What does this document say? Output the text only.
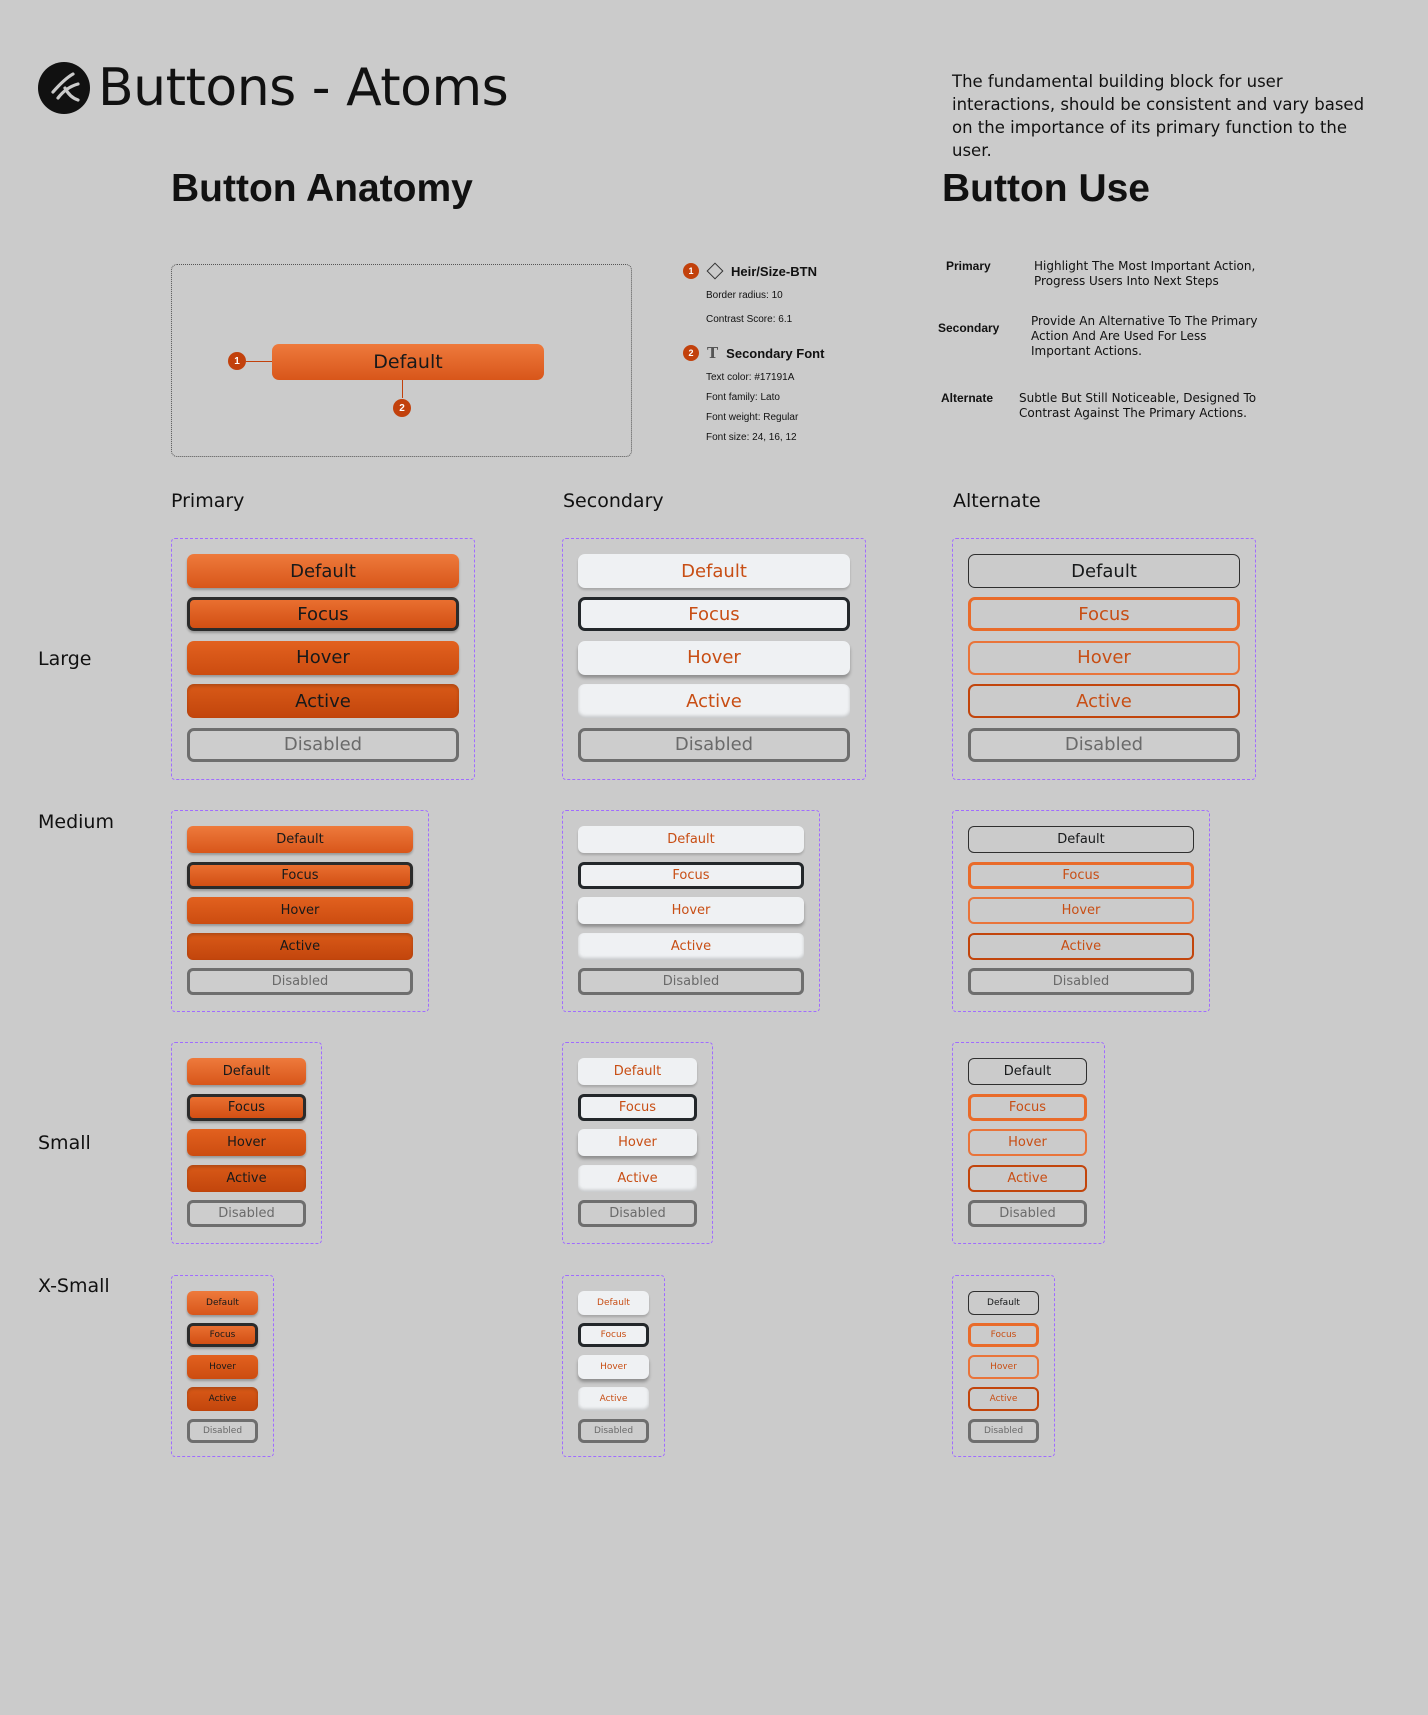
Buttons - Atoms	The fundamental building block for user interactions, should be consistent and vary based on the importance of its primary function to the user.
Button Anatomy	Button Use
1	Default
2
1	Heir/Size-BTN
Border radius: 10
Contrast Score: 6.1
2 T Secondary Font
Text color: #17191A
Font family: Lato
Font weight: Regular
Font size: 24, 16, 12
Primary	Highlight The Most Important Action, Progress Users Into Next Steps
Secondary	Provide An Alternative To The Primary Action And Are Used For Less Important Actions.
Alternate Subtle But Still Noticeable, Designed To Contrast Against The Primary Actions.
Primary	Secondary	Alternate
Large
Medium
Small
X-Small
Default
Focus
Hover
Active
Disabled
Default
Focus
Hover
Active
Disabled
Default
Focus
Hover
Active
Disabled
Default
Focus
Hover
Active
Disabled
Default
Focus
Hover
Active
Disabled
Default
Focus
Hover
Active
Disabled
Default
Focus
Hover
Active
Disabled
Default
Focus
Hover
Active
Disabled
Default
Focus
Hover
Active
Disabled
Default
Focus
Hover
Active
Disabled
Default
Focus
Hover
Active
Disabled
Default
Focus
Hover
Active
Disabled
